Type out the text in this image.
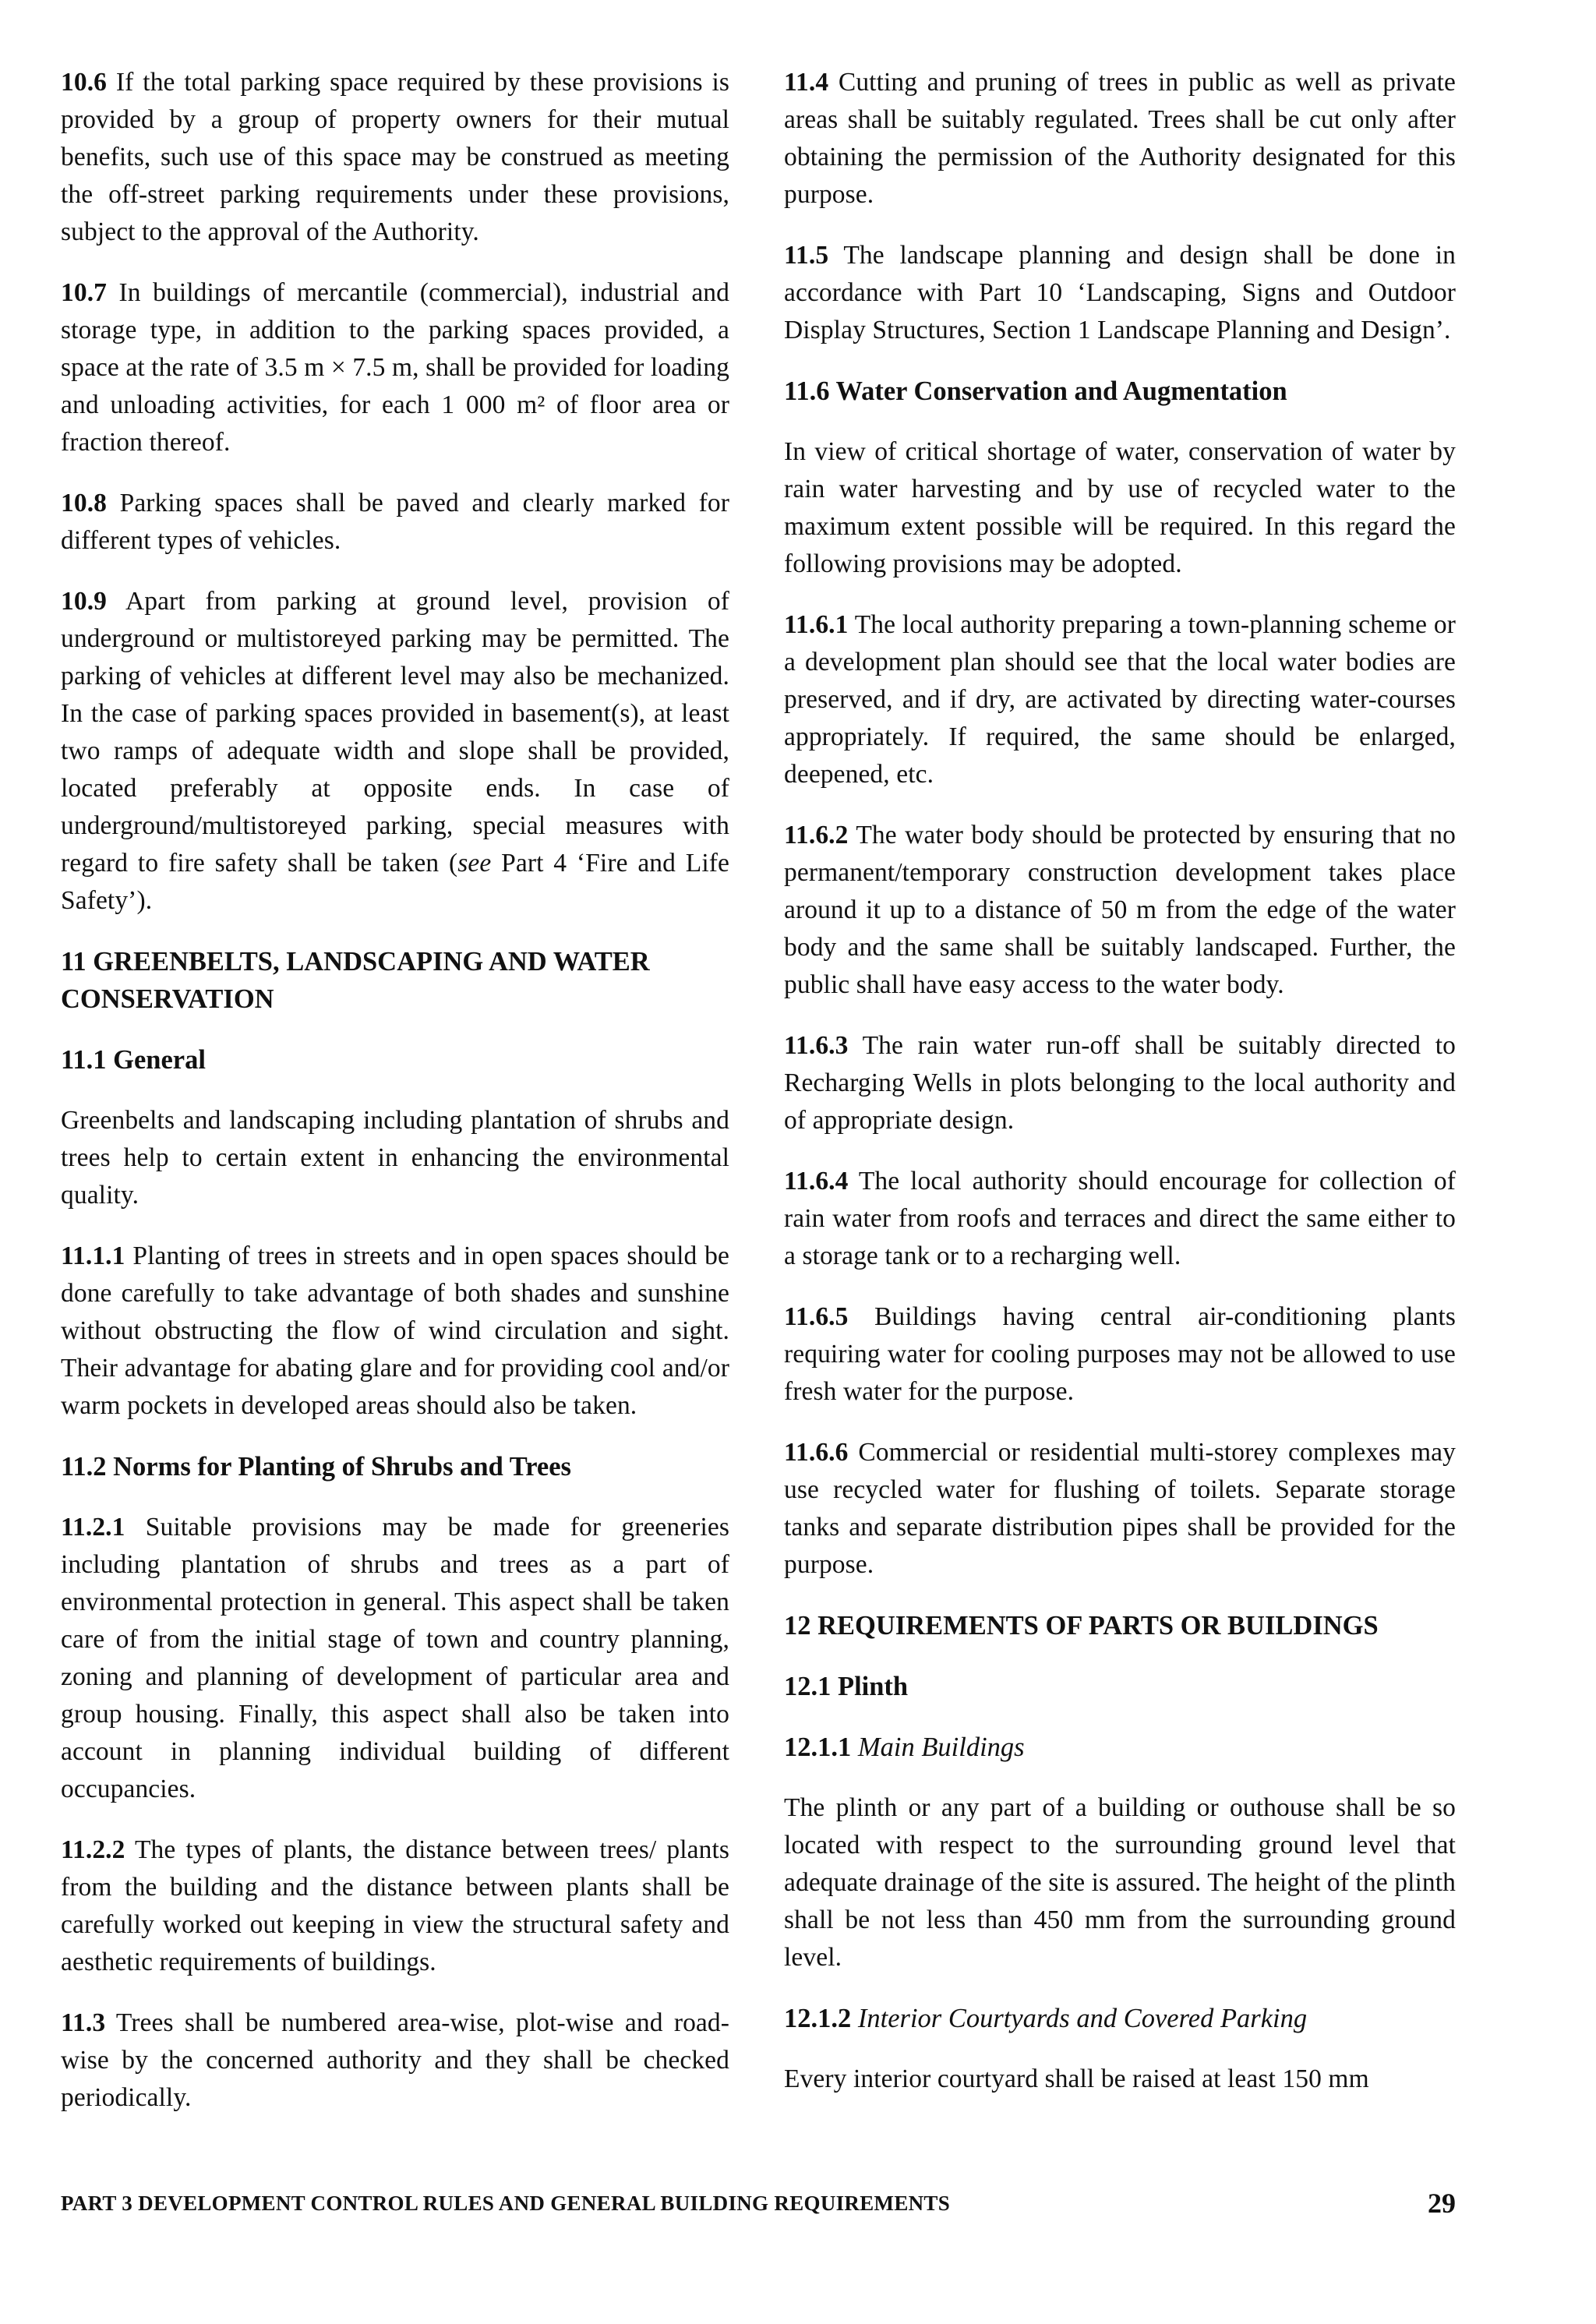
10.6 If the total parking space required by these provisions is provided by a group of property owners for their mutual benefits, such use of this space may be construed as meeting the off-street parking requirements under these provisions, subject to the approval of the Authority.

10.7 In buildings of mercantile (commercial), industrial and storage type, in addition to the parking spaces provided, a space at the rate of 3.5 m × 7.5 m, shall be provided for loading and unloading activities, for each 1 000 m² of floor area or fraction thereof.

10.8 Parking spaces shall be paved and clearly marked for different types of vehicles.

10.9 Apart from parking at ground level, provision of underground or multistoreyed parking may be permitted. The parking of vehicles at different level may also be mechanized. In the case of parking spaces provided in basement(s), at least two ramps of adequate width and slope shall be provided, located preferably at opposite ends. In case of underground/multistoreyed parking, special measures with regard to fire safety shall be taken (see Part 4 ‘Fire and Life Safety’).

11 GREENBELTS, LANDSCAPING AND WATER CONSERVATION
11.1 General

Greenbelts and landscaping including plantation of shrubs and trees help to certain extent in enhancing the environmental quality.

11.1.1 Planting of trees in streets and in open spaces should be done carefully to take advantage of both shades and sunshine without obstructing the flow of wind circulation and sight. Their advantage for abating glare and for providing cool and/or warm pockets in developed areas should also be taken.

11.2 Norms for Planting of Shrubs and Trees

11.2.1 Suitable provisions may be made for greeneries including plantation of shrubs and trees as a part of environmental protection in general. This aspect shall be taken care of from the initial stage of town and country planning, zoning and planning of development of particular area and group housing. Finally, this aspect shall also be taken into account in planning individual building of different occupancies.

11.2.2 The types of plants, the distance between trees/ plants from the building and the distance between plants shall be carefully worked out keeping in view the structural safety and aesthetic requirements of buildings.

11.3 Trees shall be numbered area-wise, plot-wise and road-wise by the concerned authority and they shall be checked periodically.

11.4 Cutting and pruning of trees in public as well as private areas shall be suitably regulated. Trees shall be cut only after obtaining the permission of the Authority designated for this purpose.

11.5 The landscape planning and design shall be done in accordance with Part 10 ‘Landscaping, Signs and Outdoor Display Structures, Section 1 Landscape Planning and Design’.

11.6 Water Conservation and Augmentation

In view of critical shortage of water, conservation of water by rain water harvesting and by use of recycled water to the maximum extent possible will be required. In this regard the following provisions may be adopted.

11.6.1 The local authority preparing a town-planning scheme or a development plan should see that the local water bodies are preserved, and if dry, are activated by directing water-courses appropriately. If required, the same should be enlarged, deepened, etc.

11.6.2 The water body should be protected by ensuring that no permanent/temporary construction development takes place around it up to a distance of 50 m from the edge of the water body and the same shall be suitably landscaped. Further, the public shall have easy access to the water body.

11.6.3 The rain water run-off shall be suitably directed to Recharging Wells in plots belonging to the local authority and of appropriate design.

11.6.4 The local authority should encourage for collection of rain water from roofs and terraces and direct the same either to a storage tank or to a recharging well.

11.6.5 Buildings having central air-conditioning plants requiring water for cooling purposes may not be allowed to use fresh water for the purpose.

11.6.6 Commercial or residential multi-storey complexes may use recycled water for flushing of toilets. Separate storage tanks and separate distribution pipes shall be provided for the purpose.

12 REQUIREMENTS OF PARTS OR BUILDINGS
12.1 Plinth
12.1.1 Main Buildings

The plinth or any part of a building or outhouse shall be so located with respect to the surrounding ground level that adequate drainage of the site is assured. The height of the plinth shall be not less than 450 mm from the surrounding ground level.

12.1.2 Interior Courtyards and Covered Parking

Every interior courtyard shall be raised at least 150 mm

PART 3 DEVELOPMENT CONTROL RULES AND GENERAL BUILDING REQUIREMENTS	29
